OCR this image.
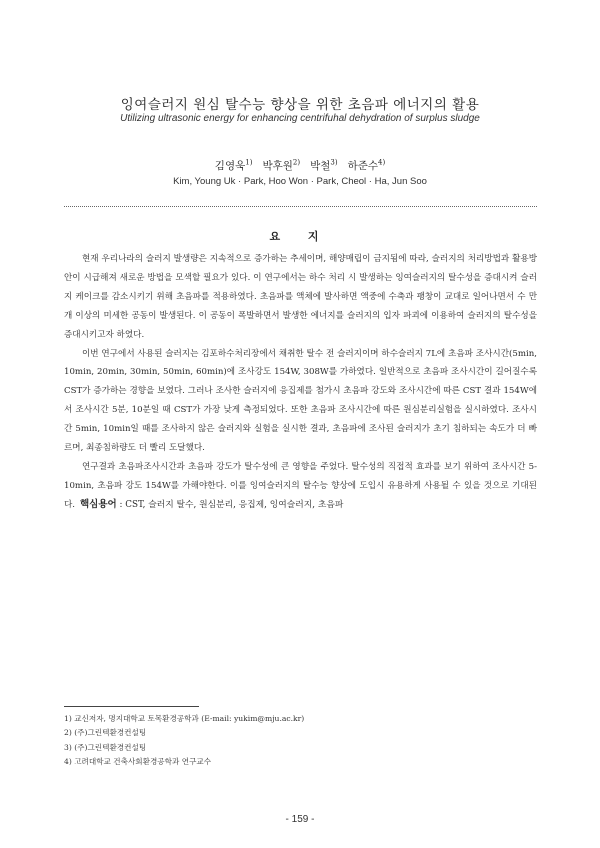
잉여슬러지 원심 탈수능 향상을 위한 초음파 에너지의 활용
Utilizing ultrasonic energy for enhancing centrifuhal dehydration of surplus sludge
김영욱$^{1)}$ 박후원$^{2)}$ 박철$^{3)}$ 하준수$^{4)}$
Kim, Young Uk · Park, Hoo Won · Park, Cheol · Ha, Jun Soo
요 지

현재 우리나라의 슬러지 발생량은 지속적으로 증가하는 추세이며, 해양매립이 금지됨에 따라, 슬러지의 처리방법과 활용방안이 시급해져 새로운 방법을 모색할 필요가 있다. 이 연구에서는 하수 처리 시 발생하는 잉여슬러지의 탈수성을 증대시켜 슬러지 케이크를 감소시키기 위해 초음파를 적용하였다. 초음파를 액체에 발사하면 액중에 수축과 팽창이 교대로 일어나면서 수 만개 이상의 미세한 공동이 발생된다. 이 공동이 폭발하면서 발생한 에너지를 슬러지의 입자 파괴에 이용하여 슬러지의 탈수성을 증대시키고자 하였다.

이번 연구에서 사용된 슬러지는 김포하수처리장에서 채취한 탈수 전 슬러지이며 하수슬러지 7L에 초음파 조사시간(5min, 10min, 20min, 30min, 50min, 60min)에 조사강도 154W, 308W를 가하였다. 일반적으로 초음파 조사시간이 길어질수록 CST가 증가하는 경향을 보였다. 그러나 조사한 슬러지에 응집제를 첨가시 초음파 강도와 조사시간에 따른 CST 결과 154W에서 조사시간 5분, 10분일 때 CST가 가장 낮게 측정되었다. 또한 초음파 조사시간에 따른 원심분리실험을 실시하였다. 조사시간 5min, 10min일 때를 조사하지 않은 슬러지와 실험을 실시한 결과, 초음파에 조사된 슬러지가 초기 침하되는 속도가 더 빠르며, 최종침하량도 더 빨리 도달했다.

연구결과 초음파조사시간과 초음파 강도가 탈수성에 큰 영향을 주었다. 탈수성의 직접적 효과를 보기 위하여 조사시간 5-10min, 초음파 강도 154W를 가해야한다. 이를 잉여슬러지의 탈수능 향상에 도입시 유용하게 사용될 수 있을 것으로 기대된다. 핵심용어 : CST, 슬러지 탈수, 원심분리, 응집제, 잉여슬러지, 초음파
1) 교신저자, 명지대학교 토목환경공학과 (E-mail: yukim@mju.ac.kr)
2) (주)그린텍환경컨설팅
3) (주)그린텍환경컨설팅
4) 고려대학교 건축사회환경공학과 연구교수
- 159 -
